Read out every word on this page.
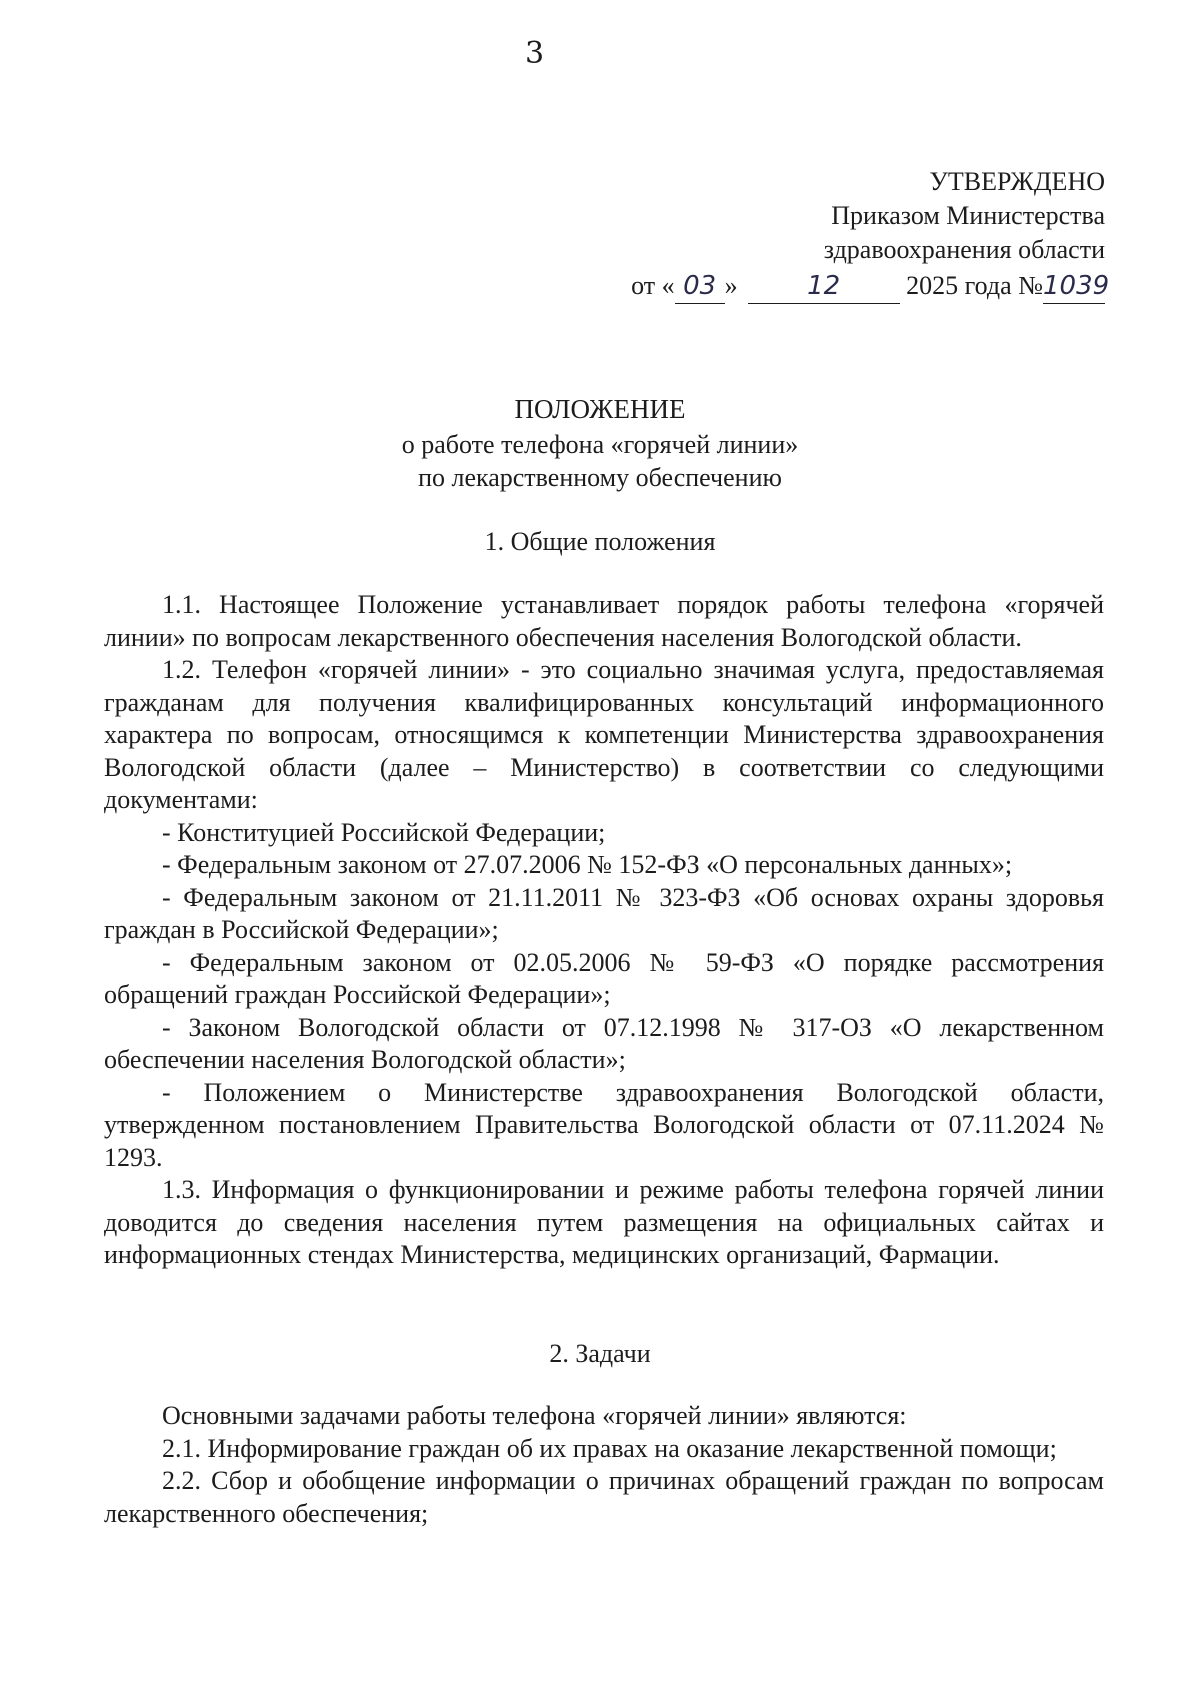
3
УТВЕРЖДЕНО
Приказом Министерства
здравоохранения области
от « 03 »	12	2025 года №1039
ПОЛОЖЕНИЕ
о работе телефона «горячей линии»
по лекарственному обеспечению
1. Общие положения

1.1. Настоящее Положение устанавливает порядок работы телефона «горячей линии» по вопросам лекарственного обеспечения населения Вологодской области.

1.2. Телефон «горячей линии» - это социально значимая услуга, предоставляемая гражданам для получения квалифицированных консультаций информационного характера по вопросам, относящимся к компетенции Министерства здравоохранения Вологодской области (далее – Министерство) в соответствии со следующими документами:

- Конституцией Российской Федерации;

- Федеральным законом от 27.07.2006 № 152-ФЗ «О персональных данных»;

- Федеральным законом от 21.11.2011 № 323-ФЗ «Об основах охраны здоровья граждан в Российской Федерации»;

- Федеральным законом от 02.05.2006 № 59-ФЗ «О порядке рассмотрения обращений граждан Российской Федерации»;

- Законом Вологодской области от 07.12.1998 № 317-ОЗ «О лекарственном обеспечении населения Вологодской области»;

- Положением о Министерстве здравоохранения Вологодской области, утвержденном постановлением Правительства Вологодской области от 07.11.2024 № 1293.

1.3. Информация о функционировании и режиме работы телефона горячей линии доводится до сведения населения путем размещения на официальных сайтах и информационных стендах Министерства, медицинских организаций, Фармации.

2. Задачи

Основными задачами работы телефона «горячей линии» являются:

2.1. Информирование граждан об их правах на оказание лекарственной помощи;

2.2. Сбор и обобщение информации о причинах обращений граждан по вопросам лекарственного обеспечения;
